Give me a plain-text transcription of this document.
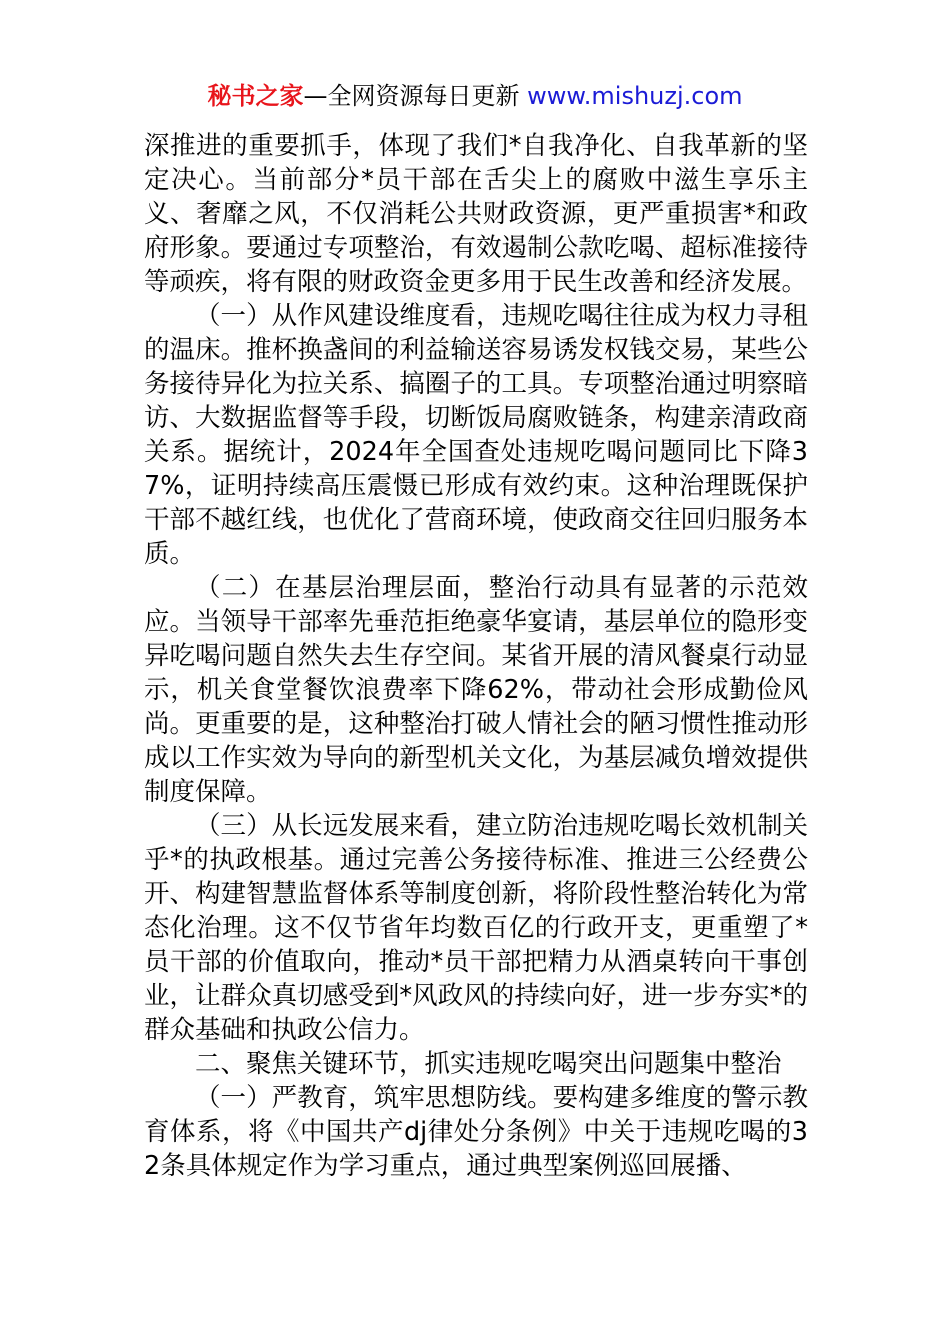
秘书之家—全网资源每日更新 www.mishuzj.com

深推进的重要抓手，体现了我们*自我净化、自我革新的坚定决心。当前部分*员干部在舌尖上的腐败中滋生享乐主义、奢靡之风，不仅消耗公共财政资源，更严重损害*和政府形象。要通过专项整治，有效遏制公款吃喝、超标准接待等顽疾，将有限的财政资金更多用于民生改善和经济发展。

（一）从作风建设维度看，违规吃喝往往成为权力寻租的温床。推杯换盏间的利益输送容易诱发权钱交易，某些公务接待异化为拉关系、搞圈子的工具。专项整治通过明察暗访、大数据监督等手段，切断饭局腐败链条，构建亲清政商关系。据统计，2024年全国查处违规吃喝问题同比下降37%，证明持续高压震慑已形成有效约束。这种治理既保护干部不越红线，也优化了营商环境，使政商交往回归服务本质。

（二）在基层治理层面，整治行动具有显著的示范效应。当领导干部率先垂范拒绝豪华宴请，基层单位的隐形变异吃喝问题自然失去生存空间。某省开展的清风餐桌行动显示，机关食堂餐饮浪费率下降62%，带动社会形成勤俭风尚。更重要的是，这种整治打破人情社会的陋习惯性推动形成以工作实效为导向的新型机关文化，为基层减负增效提供制度保障。

（三）从长远发展来看，建立防治违规吃喝长效机制关乎*的执政根基。通过完善公务接待标准、推进三公经费公开、构建智慧监督体系等制度创新，将阶段性整治转化为常态化治理。这不仅节省年均数百亿的行政开支，更重塑了*员干部的价值取向，推动*员干部把精力从酒桌转向干事创业，让群众真切感受到*风政风的持续向好，进一步夯实*的群众基础和执政公信力。

二、聚焦关键环节，抓实违规吃喝突出问题集中整治

（一）严教育，筑牢思想防线。要构建多维度的警示教育体系，将《中国共产dj律处分条例》中关于违规吃喝的32条具体规定作为学习重点，通过典型案例巡回展播、
